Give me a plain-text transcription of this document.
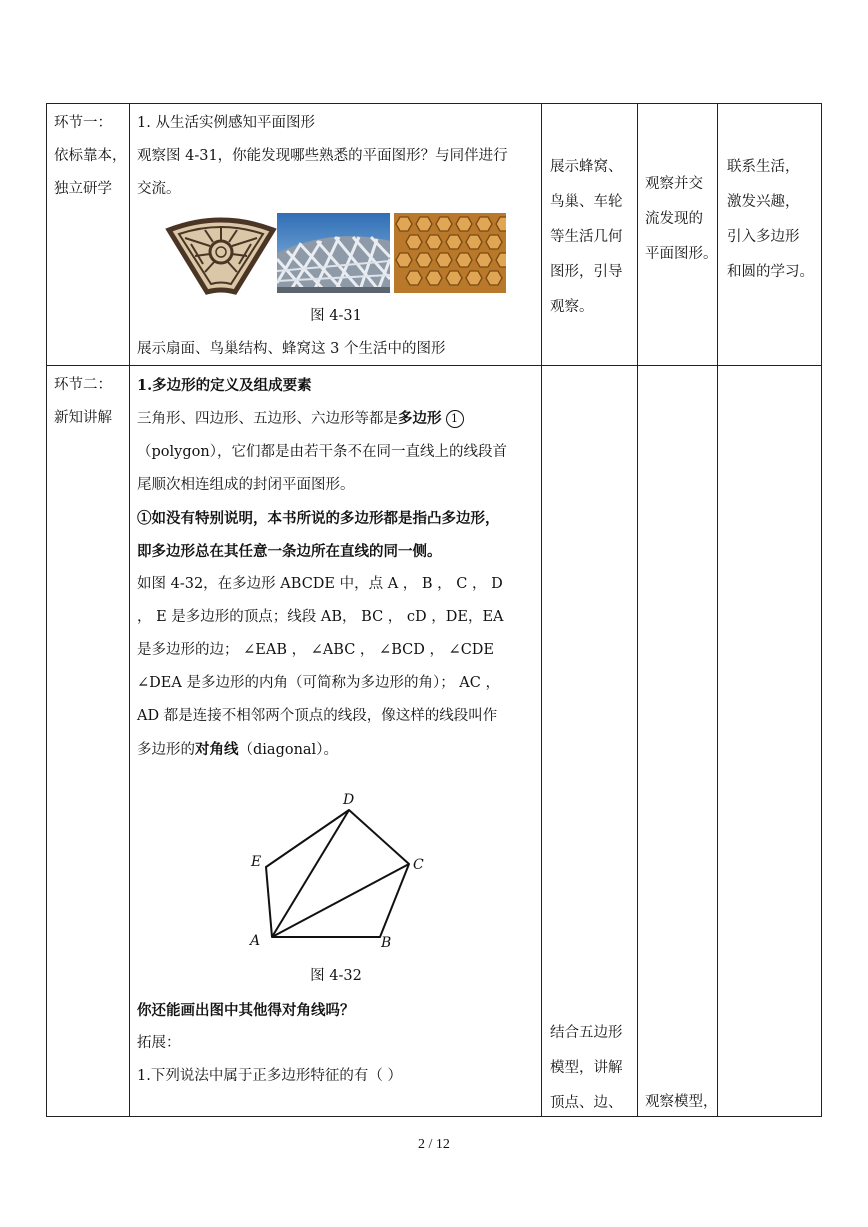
环节一：
依标靠本，
独立研学
1. 从生活实例感知平面图形
观察图 4-31，你能发现哪些熟悉的平面图形？与同伴进行
交流。
图 4-31
展示扇面、鸟巢结构、蜂窝这 3 个生活中的图形
展示蜂窝、
鸟巢、车轮
等生活几何
图形，引导
观察。
观察并交
流发现的
平面图形。
联系生活，
激发兴趣，
引入多边形
和圆的学习。
环节二：
新知讲解
1.多边形的定义及组成要素
三角形、四边形、五边形、六边形等都是多边形 1
（polygon），它们都是由若干条不在同一直线上的线段首
尾顺次相连组成的封闭平面图形。
①如没有特别说明，本书所说的多边形都是指凸多边形，
即多边形总在其任意一条边所在直线的同一侧。
如图 4-32，在多边形 ABCDE 中，点 A ， B ， C ， D
， E 是多边形的顶点；线段 AB， BC ， cD ，DE，EA
是多边形的边； ∠EAB ， ∠ABC ， ∠BCD ， ∠CDE
∠DEA 是多边形的内角（可简称为多边形的角）； AC ，
AD 都是连接不相邻两个顶点的线段，像这样的线段叫作
多边形的对角线（diagonal）。
A	B
C
D
E
图 4-32
你还能画出图中其他得对角线吗？
拓展：
1.下列说法中属于正多边形特征的有（ ）
结合五边形
模型，讲解
顶点、边、	观察模型，
2 / 12
